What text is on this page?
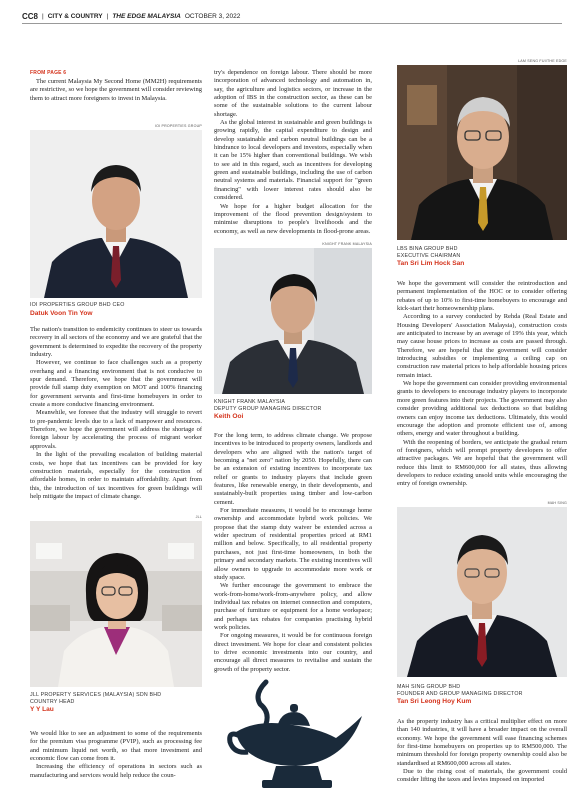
CC8 | CITY & COUNTRY | THE EDGE MALAYSIA OCTOBER 3, 2022
FROM PAGE 6

The current Malaysia My Second Home (MM2H) requirements are restrictive, so we hope the government will consider reviewing them to attract more foreigners to invest in Malaysia.

IOI PROPERTIES GROUP
IOI PROPERTIES GROUP BHD CEO
Datuk Voon Tin Yow

The nation's transition to endemicity continues to steer us towards recovery in all sectors of the economy and we are grateful that the government is determined to expedite the recovery of the property industry.

However, we continue to face challenges such as a property overhang and a financing environment that is not conducive to spur demand. Therefore, we hope that the government will provide full stamp duty exemption on MOT and 100% financing for government servants and first-time homebuyers in order to create a more conducive financing environment.

Meanwhile, we foresee that the industry will struggle to revert to pre-pandemic levels due to a lack of manpower and resources. Therefore, we hope the government will address the shortage of foreign labour by accelerating the process of migrant worker approvals.

In the light of the prevailing escalation of building material costs, we hope that tax incentives can be provided for key construction materials, especially for the construction of affordable homes, in order to maintain affordability. Apart from this, the introduction of tax incentives for green buildings will help mitigate the impact of climate change.

JLL
JLL PROPERTY SERVICES (MALAYSIA) SDN BHD
COUNTRY HEAD
Y Y Lau

We would like to see an adjustment to some of the requirements for the premium visa programme (PVIP), such as processing fee and minimum liquid net worth, so that more investment and economic flow can come from it.

Increasing the efficiency of operations in sectors such as manufacturing and services would help reduce the coun-

try's dependence on foreign labour. There should be more incorporation of advanced technology and automation in, say, the agriculture and logistics sectors, or increase in the adoption of IBS in the construction sector, as these can be some of the sustainable solutions to the current labour shortage.

As the global interest in sustainable and green buildings is growing rapidly, the capital expenditure to design and develop sustainable and carbon neutral buildings can be a hindrance to local developers and investors, especially when it can be 15% higher than conventional buildings. We wish to see aid in this regard, such as incentives for developing green and sustainable buildings, including the use of carbon neutral systems and materials. Financial support for "green financing" with lower interest rates should also be considered.

We hope for a higher budget allocation for the improvement of the flood prevention design/system to minimise disruptions to people's livelihoods and the economy, as well as new developments in flood-prone areas.

KNIGHT FRANK MALAYSIA
KNIGHT FRANK MALAYSIA
DEPUTY GROUP MANAGING DIRECTOR
Keith Ooi

For the long term, to address climate change. We propose incentives to be introduced to property owners, landlords and developers who are aligned with the nation's target of becoming a "net zero" nation by 2050. Hopefully, there can be an extension of existing incentives to incorporate tax relief or grants to industry players that include green features, like renewable energy, in their developments, and sustainably-built properties using timber and low-carbon cement.

For immediate measures, it would be to encourage home ownership and accommodate hybrid work policies. We propose that the stamp duty waiver be extended across a wider spectrum of residential properties priced at RM1 million and below. Specifically, to all residential property purchases, not just first-time homeowners, in both the primary and secondary markets. The existing incentives will allow owners to upgrade to accommodate more work or study space.

We further encourage the government to embrace the work-from-home/work-from-anywhere policy, and allow individual tax rebates on internet connection and computers, purchase of furniture or equipment for a home workspace; and perhaps tax rebates for companies practising hybrid work policies.

For ongoing measures, it would be for continuous foreign direct investment. We hope for clear and consistent policies to drive economic investments into our country, and encourage all direct measures to revitalise and sustain the growth of the property sector.

LAM SENG FUI/THE EDGE
LBS BINA GROUP BHD
EXECUTIVE CHAIRMAN
Tan Sri Lim Hock San

We hope the government will consider the reintroduction and permanent implementation of the HOC or to consider offering rebates of up to 10% to first-time homebuyers to encourage and kick-start their homeownership plans.

According to a survey conducted by Rehda (Real Estate and Housing Developers' Association Malaysia), construction costs are anticipated to increase by an average of 19% this year, which may cause house prices to increase as costs are passed through. Therefore, we are hopeful that the government will consider introducing subsidies or implementing a ceiling cap on construction raw material prices to help affordable housing prices remain intact.

We hope the government can consider providing environmental grants to developers to encourage industry players to incorporate more green features into their projects. The government may also consider providing additional tax deductions so that building owners can enjoy income tax deductions. Ultimately, this would encourage the adoption and promote efficient use of, among others, energy and water throughout a building.

With the reopening of borders, we anticipate the gradual return of foreigners, which will prompt property developers to offer attractive packages. We are hopeful that the government will reduce this limit to RM600,000 for all states, thus allowing developers to reduce existing unsold units while encouraging the entry of foreign ownership.

MAH SING
MAH SING GROUP BHD
FOUNDER AND GROUP MANAGING DIRECTOR
Tan Sri Leong Hoy Kum

As the property industry has a critical multiplier effect on more than 140 industries, it will have a broader impact on the overall economy. We hope the government will ease financing schemes for first-time homebuyers on properties up to RM500,000. The minimum threshold for foreign property ownership could also be standardised at RM600,000 across all states.

Due to the rising cost of materials, the government could consider lifting the taxes and levies imposed on imported
